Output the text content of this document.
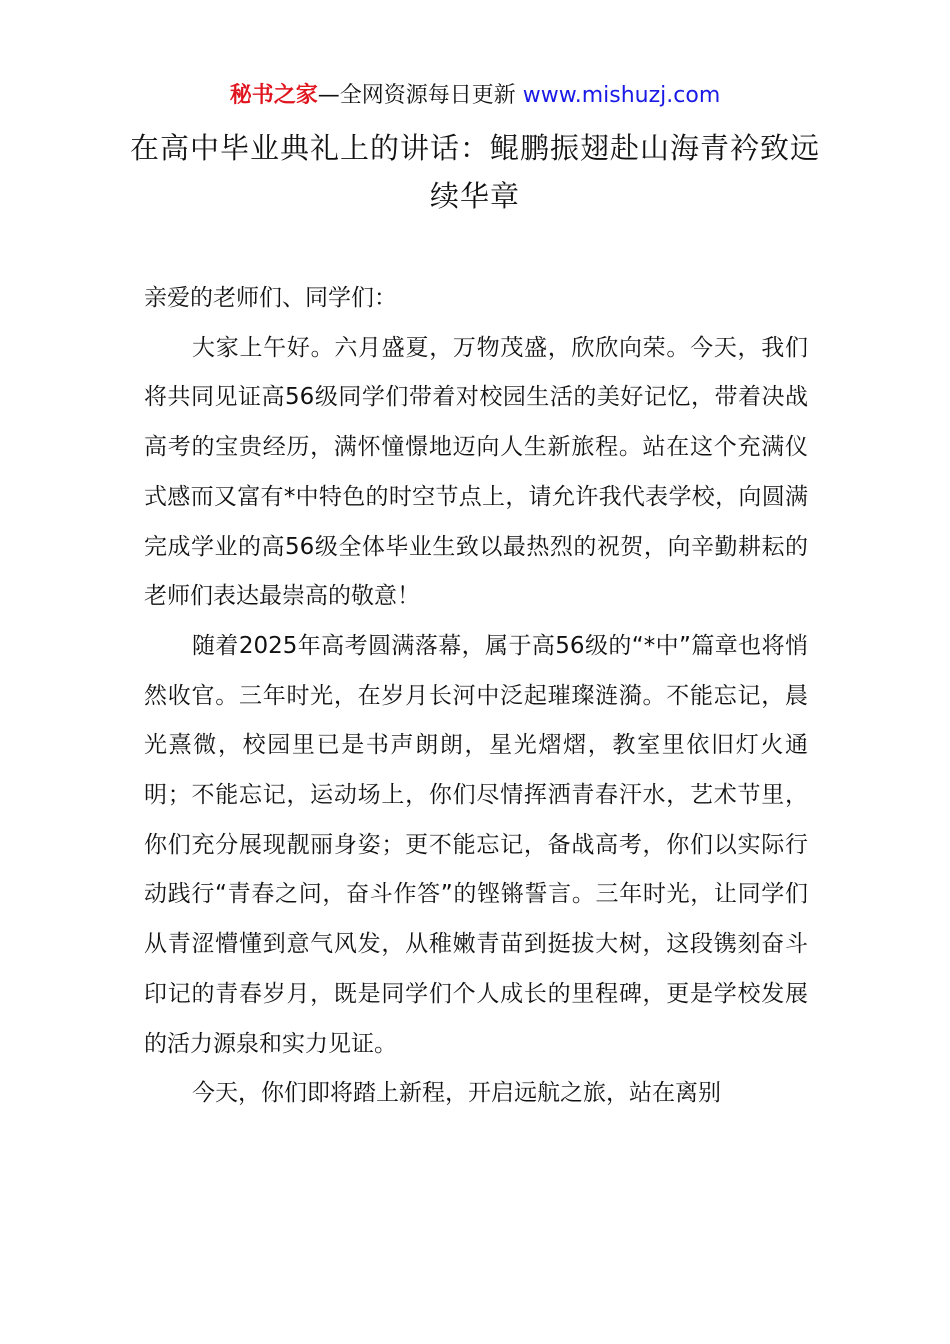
秘书之家—全网资源每日更新 www.mishuzj.com
在高中毕业典礼上的讲话：鲲鹏振翅赴山海青衿致远续华章

亲爱的老师们、同学们：

大家上午好。六月盛夏，万物茂盛，欣欣向荣。今天，我们将共同见证高56级同学们带着对校园生活的美好记忆，带着决战高考的宝贵经历，满怀憧憬地迈向人生新旅程。站在这个充满仪式感而又富有*中特色的时空节点上，请允许我代表学校，向圆满完成学业的高56级全体毕业生致以最热烈的祝贺，向辛勤耕耘的老师们表达最崇高的敬意！

随着2025年高考圆满落幕，属于高56级的“*中”篇章也将悄然收官。三年时光，在岁月长河中泛起璀璨涟漪。不能忘记，晨光熹微，校园里已是书声朗朗，星光熠熠，教室里依旧灯火通明；不能忘记，运动场上，你们尽情挥洒青春汗水，艺术节里，你们充分展现靓丽身姿；更不能忘记，备战高考，你们以实际行动践行“青春之问，奋斗作答”的铿锵誓言。三年时光，让同学们从青涩懵懂到意气风发，从稚嫩青苗到挺拔大树，这段镌刻奋斗印记的青春岁月，既是同学们个人成长的里程碑，更是学校发展的活力源泉和实力见证。

今天，你们即将踏上新程，开启远航之旅，站在离别
